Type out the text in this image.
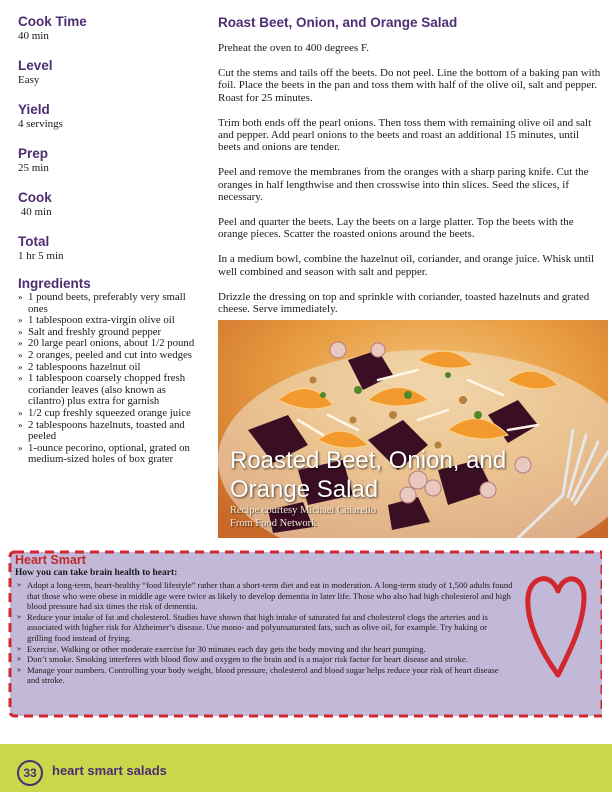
Cook Time
40 min
Level
Easy
Yield
4 servings
Prep
25 min
Cook
40 min
Total
1 hr 5 min
Ingredients
» 1 pound beets, preferably very small ones
» 1 tablespoon extra-virgin olive oil
» Salt and freshly ground pepper
» 20 large pearl onions, about 1/2 pound
» 2 oranges, peeled and cut into wedges
» 2 tablespoons hazelnut oil
» 1 tablespoon coarsely chopped fresh coriander leaves (also known as cilantro) plus extra for garnish
» 1/2 cup freshly squeezed orange juice
» 2 tablespoons hazelnuts, toasted and peeled
» 1-ounce pecorino, optional, grated on medium-sized holes of box grater
Roast Beet, Onion, and Orange Salad

Preheat the oven to 400 degrees F.

Cut the stems and tails off the beets. Do not peel. Line the bottom of a baking pan with foil. Place the beets in the pan and toss them with half of the olive oil, salt and pepper. Roast for 25 minutes.

Trim both ends off the pearl onions. Then toss them with remaining olive oil and salt and pepper. Add pearl onions to the beets and roast an additional 15 minutes, until beets and onions are tender.

Peel and remove the membranes from the oranges with a sharp paring knife. Cut the oranges in half lengthwise and then crosswise into thin slices. Seed the slices, if necessary.

Peel and quarter the beets. Lay the beets on a large platter. Top the beets with the orange pieces. Scatter the roasted onions around the beets.

In a medium bowl, combine the hazelnut oil, coriander, and orange juice. Whisk until well combined and season with salt and pepper.

Drizzle the dressing on top and sprinkle with coriander, toasted hazelnuts and grated cheese. Serve immediately.

Roasted Beet, Onion, and Orange Salad
Recipe courtesy Michael Chiarello
From Food Network
Heart Smart
How you can take brain health to heart:
» Adopt a long-term, heart-healthy “food lifestyle” rather than a short-term diet and eat in moderation. A long-term study of 1,500 adults found that those who were obese in middle age were twice as likely to develop dementia in later life. Those who also had high cholesterol and high blood pressure had six times the risk of dementia.
» Reduce your intake of fat and cholesterol. Studies have shown that high intake of saturated fat and cholesterol clogs the arteries and is associated with higher risk for Alzheimer’s disease. Use mono- and polyunsaturated fats, such as olive oil, for example. Try baking or grilling food instead of frying.
» Exercise. Walking or other moderate exercise for 30 minutes each day gets the body moving and the heart pumping.
» Don’t smoke. Smoking interferes with blood flow and oxygen to the brain and is a major risk factor for heart disease and stroke.
» Manage your numbers. Controlling your body weight, blood pressure, cholesterol and blood sugar helps reduce your risk of heart disease and stroke.
33	heart smart salads
